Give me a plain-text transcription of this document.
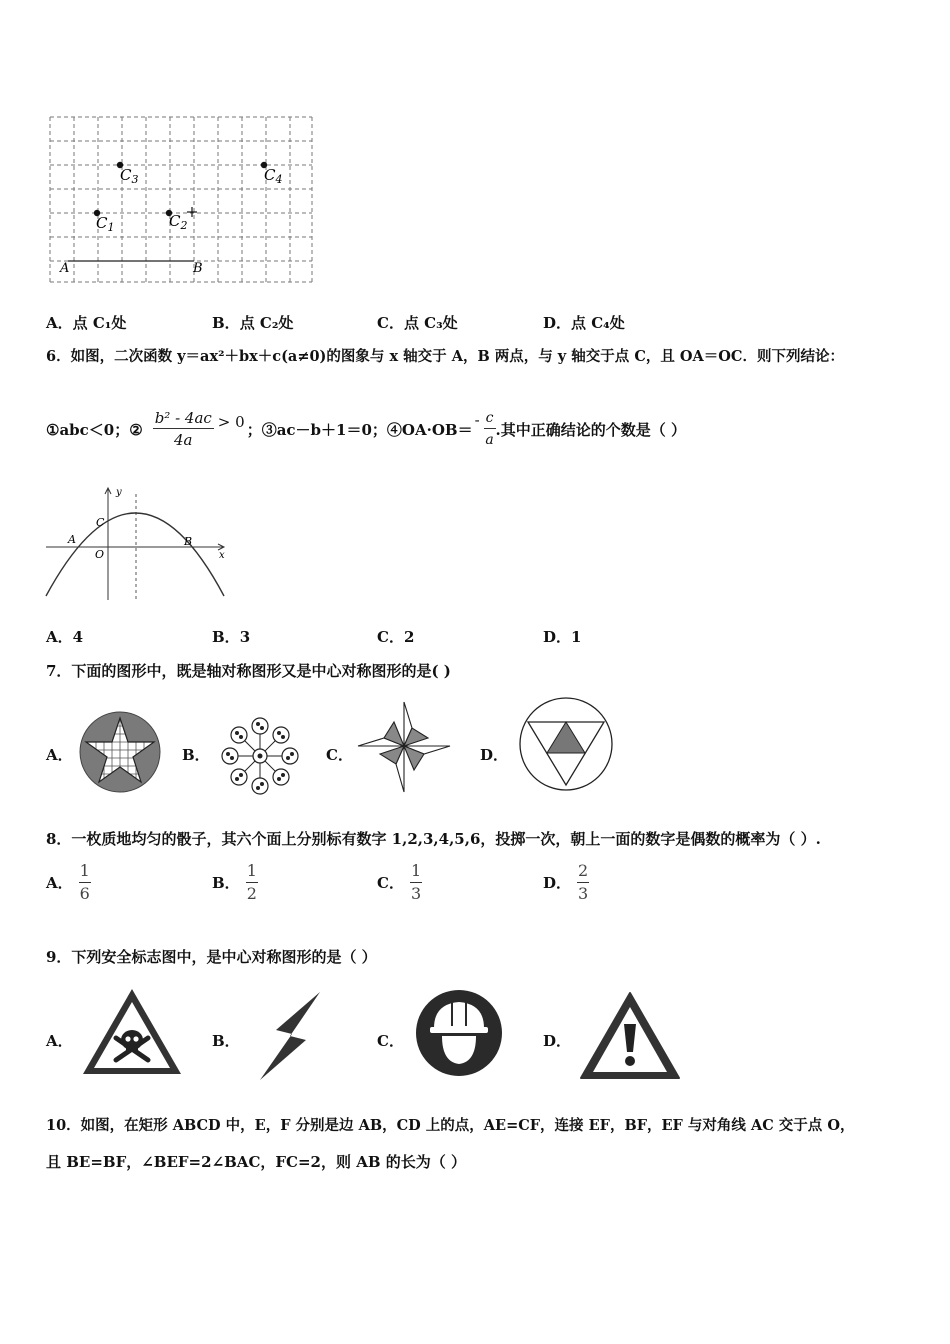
$C_3$	$C_4$
$C_1$	$C_2$
A	B
A．点 C₁处	B．点 C₂处	C．点 C₃处	D．点 C₄处
6．如图，二次函数 y＝ax²＋bx＋c(a≠0)的图象与 x 轴交于 A，B 两点，与 y 轴交于点 C，且 OA＝OC．则下列结论：
①abc＜0；② $\frac{\text{b² - 4ac}}{4a} > 0$ ；③ac－b＋1＝0；④OA·OB＝
- $\frac{c}{a}$ .其中正确结论的个数是（ ）
y
x
A	B
C
O
A．4	B．3	C．2	D．1
7．下面的图形中，既是轴对称图形又是中心对称图形的是( )
A．	B．	C．	D．
8．一枚质地均匀的骰子，其六个面上分别标有数字 1,2,3,4,5,6，投掷一次，朝上一面的数字是偶数的概率为（ ）.
A． $\frac{1}{6}$	B． $\frac{1}{2}$	C． $\frac{1}{3}$	D． $\frac{2}{3}$
9．下列安全标志图中，是中心对称图形的是（ ）
A．	B．	C．	D．
10．如图，在矩形 ABCD 中，E，F 分别是边 AB，CD 上的点，AE=CF，连接 EF，BF，EF 与对角线 AC 交于点 O，
且 BE=BF，∠BEF=2∠BAC，FC=2，则 AB 的长为（ ）
